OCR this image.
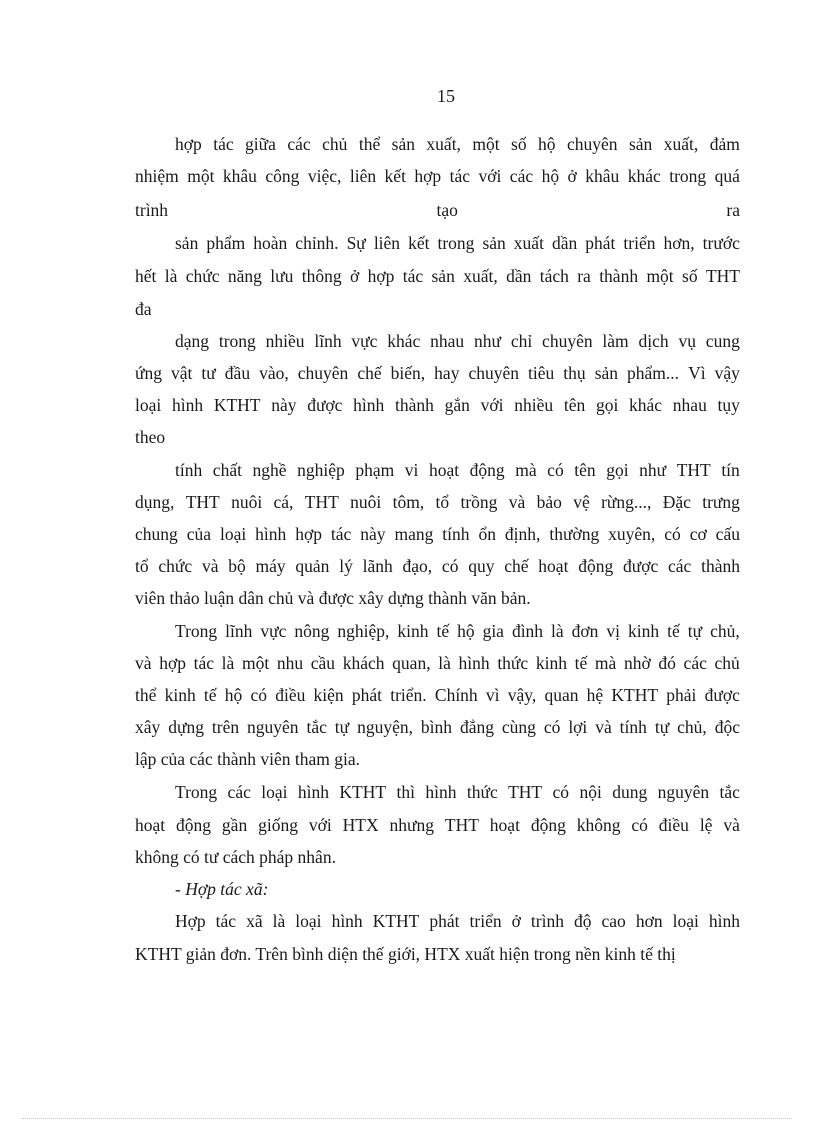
15
hợp tác giữa các chủ thể sản xuất, một số hộ chuyên sản xuất, đảm
nhiệm một khâu công việc, liên kết hợp tác với các hộ ở khâu khác trong quá
trình	tạo	ra
sản phẩm hoàn chỉnh. Sự liên kết trong sản xuất dần phát triển hơn, trước
hết là chức năng lưu thông ở hợp tác sản xuất, dần tách ra thành một số THT
đa
dạng trong nhiều lĩnh vực khác nhau như chỉ chuyên làm dịch vụ cung
ứng vật tư đầu vào, chuyên chế biến, hay chuyên tiêu thụ sản phẩm... Vì vậy
loại hình KTHT này được hình thành gắn với nhiều tên gọi khác nhau tụy
theo
tính chất nghề nghiệp phạm vi hoạt động mà có tên gọi như THT tín
dụng, THT nuôi cá, THT nuôi tôm, tổ trồng và bảo vệ rừng..., Đặc trưng
chung của loại hình hợp tác này mang tính ổn định, thường xuyên, có cơ cấu
tổ chức và bộ máy quản lý lãnh đạo, có quy chế hoạt động được các thành
viên thảo luận dân chủ và được xây dựng thành văn bản.
Trong lĩnh vực nông nghiệp, kinh tế hộ gia đình là đơn vị kinh tế tự chủ,
và hợp tác là một nhu cầu khách quan, là hình thức kinh tế mà nhờ đó các chủ
thể kinh tế hộ có điều kiện phát triển. Chính vì vậy, quan hệ KTHT phải được
xây dựng trên nguyên tắc tự nguyện, bình đẳng cùng có lợi và tính tự chủ, độc
lập của các thành viên tham gia.
Trong các loại hình KTHT thì hình thức THT có nội dung nguyên tắc
hoạt động gần giống với HTX nhưng THT hoạt động không có điều lệ và
không có tư cách pháp nhân.
- Hợp tác xã:
Hợp tác xã là loại hình KTHT phát triển ở trình độ cao hơn loại hình
KTHT giản đơn. Trên bình diện thế giới, HTX xuất hiện trong nền kinh tế thị
